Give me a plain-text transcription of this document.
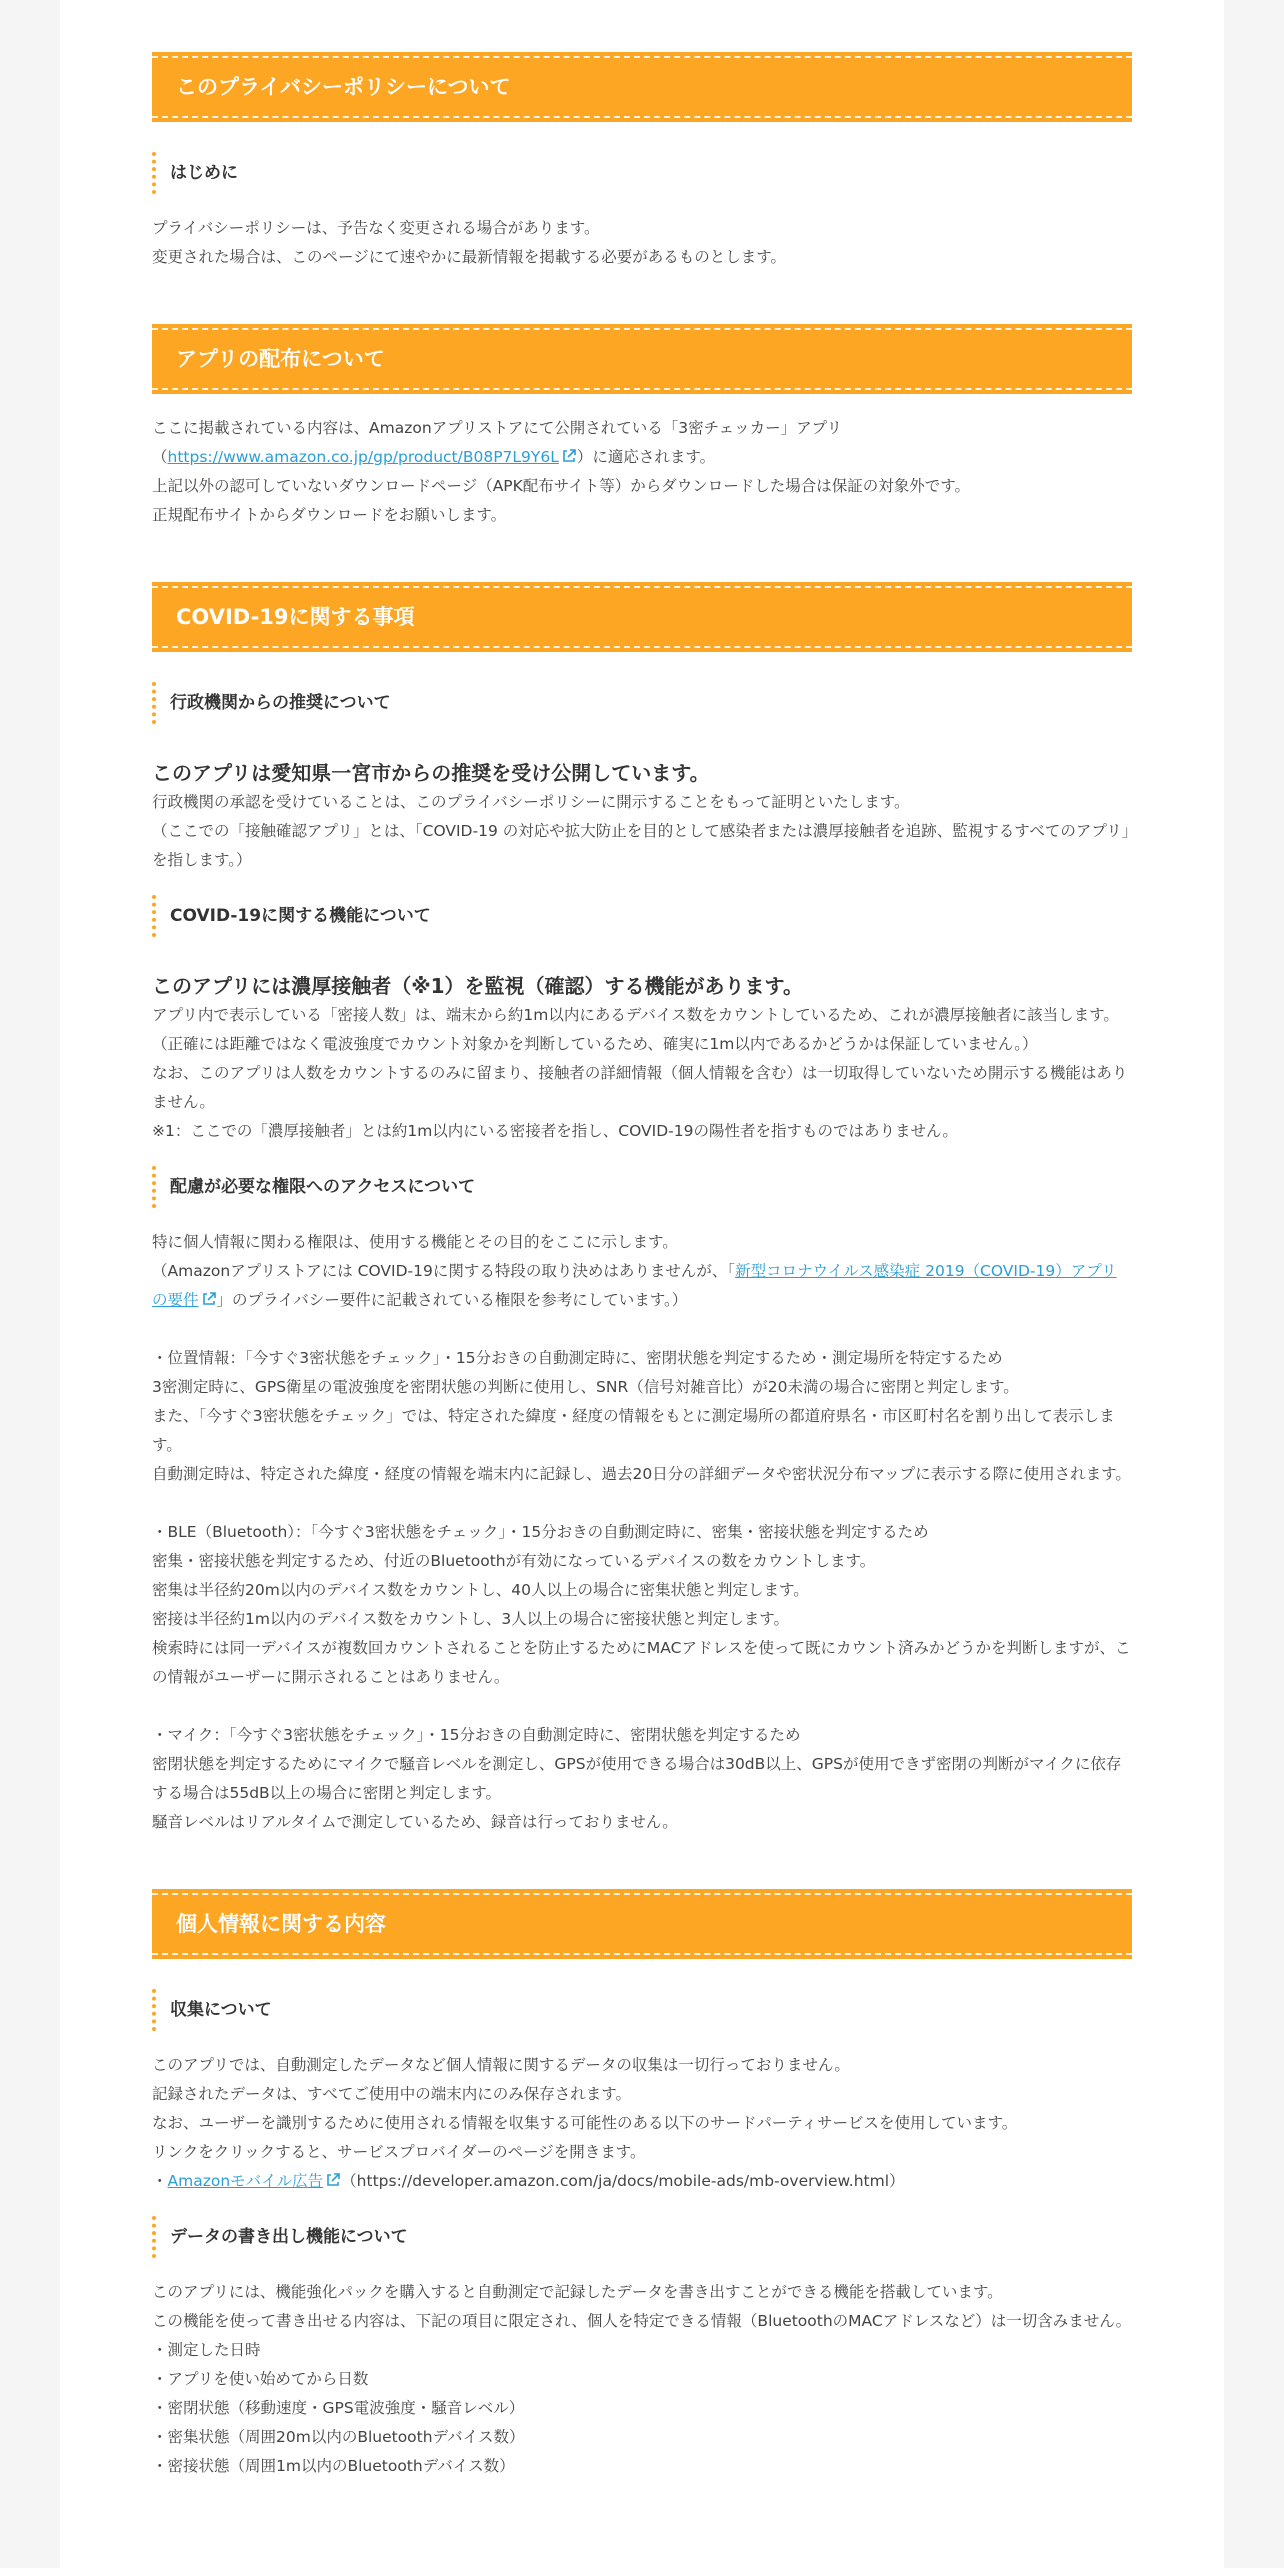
このプライバシーポリシーについて
はじめに

プライバシーポリシーは、予告なく変更される場合があります。

変更された場合は、このページにて速やかに最新情報を掲載する必要があるものとします。

アプリの配布について

ここに掲載されている内容は、Amazonアプリストアにて公開されている「3密チェッカー」アプリ

（https://www.amazon.co.jp/gp/product/B08P7L9Y6L ）に適応されます。

上記以外の認可していないダウンロードページ（APK配布サイト等）からダウンロードした場合は保証の対象外です。

正規配布サイトからダウンロードをお願いします。

COVID-19に関する事項
行政機関からの推奨について

このアプリは愛知県一宮市からの推奨を受け公開しています。

行政機関の承認を受けていることは、このプライバシーポリシーに開示することをもって証明といたします。

（ここでの「接触確認アプリ」とは、「COVID-19 の対応や拡大防止を目的として感染者または濃厚接触者を追跡、監視するすべてのアプリ」を指します。）

COVID-19に関する機能について

このアプリには濃厚接触者（※1）を監視（確認）する機能があります。

アプリ内で表示している「密接人数」は、端末から約1m以内にあるデバイス数をカウントしているため、これが濃厚接触者に該当します。

（正確には距離ではなく電波強度でカウント対象かを判断しているため、確実に1m以内であるかどうかは保証していません。）

なお、このアプリは人数をカウントするのみに留まり、接触者の詳細情報（個人情報を含む）は一切取得していないため開示する機能はありません。

※1：ここでの「濃厚接触者」とは約1m以内にいる密接者を指し、COVID-19の陽性者を指すものではありません。

配慮が必要な権限へのアクセスについて

特に個人情報に関わる権限は、使用する機能とその目的をここに示します。

（Amazonアプリストアには COVID-19に関する特段の取り決めはありませんが、「新型コロナウイルス感染症 2019（COVID-19）アプリの要件 」のプライバシー要件に記載されている権限を参考にしています。）

・位置情報：「今すぐ3密状態をチェック」・15分おきの自動測定時に、密閉状態を判定するため・測定場所を特定するため

3密測定時に、GPS衛星の電波強度を密閉状態の判断に使用し、SNR（信号対雑音比）が20未満の場合に密閉と判定します。

また、「今すぐ3密状態をチェック」では、特定された緯度・経度の情報をもとに測定場所の都道府県名・市区町村名を割り出して表示します。

自動測定時は、特定された緯度・経度の情報を端末内に記録し、過去20日分の詳細データや密状況分布マップに表示する際に使用されます。

・BLE（Bluetooth）：「今すぐ3密状態をチェック」・15分おきの自動測定時に、密集・密接状態を判定するため

密集・密接状態を判定するため、付近のBluetoothが有効になっているデバイスの数をカウントします。

密集は半径約20m以内のデバイス数をカウントし、40人以上の場合に密集状態と判定します。

密接は半径約1m以内のデバイス数をカウントし、3人以上の場合に密接状態と判定します。

検索時には同一デバイスが複数回カウントされることを防止するためにMACアドレスを使って既にカウント済みかどうかを判断しますが、この情報がユーザーに開示されることはありません。

・マイク：「今すぐ3密状態をチェック」・15分おきの自動測定時に、密閉状態を判定するため

密閉状態を判定するためにマイクで騒音レベルを測定し、GPSが使用できる場合は30dB以上、GPSが使用できず密閉の判断がマイクに依存する場合は55dB以上の場合に密閉と判定します。

騒音レベルはリアルタイムで測定しているため、録音は行っておりません。

個人情報に関する内容
収集について

このアプリでは、自動測定したデータなど個人情報に関するデータの収集は一切行っておりません。

記録されたデータは、すべてご使用中の端末内にのみ保存されます。

なお、ユーザーを識別するために使用される情報を収集する可能性のある以下のサードパーティサービスを使用しています。

リンクをクリックすると、サービスプロバイダーのページを開きます。

・Amazonモバイル広告 （https://developer.amazon.com/ja/docs/mobile-ads/mb-overview.html）

データの書き出し機能について

このアプリには、機能強化パックを購入すると自動測定で記録したデータを書き出すことができる機能を搭載しています。

この機能を使って書き出せる内容は、下記の項目に限定され、個人を特定できる情報（BluetoothのMACアドレスなど）は一切含みません。

・測定した日時

・アプリを使い始めてから日数

・密閉状態（移動速度・GPS電波強度・騒音レベル）

・密集状態（周囲20m以内のBluetoothデバイス数）

・密接状態（周囲1m以内のBluetoothデバイス数）
